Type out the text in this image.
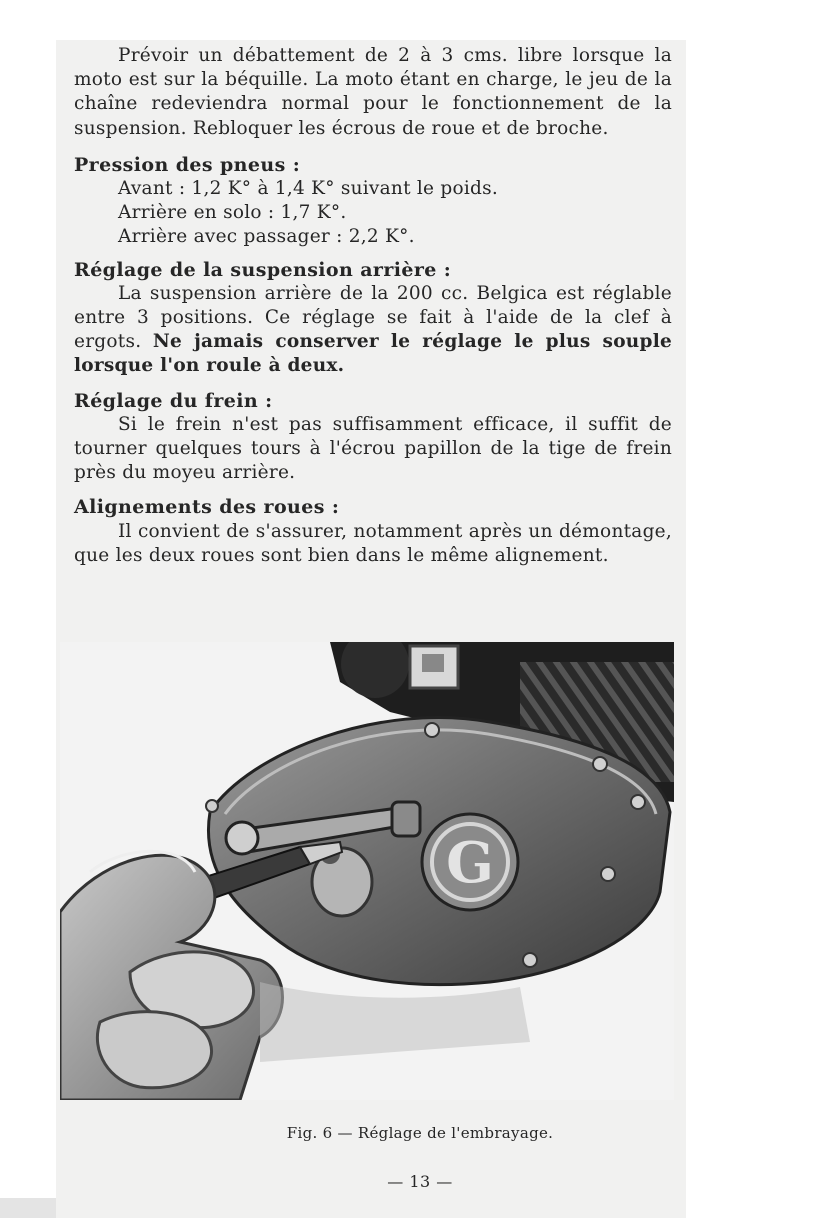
Prévoir un débattement de 2 à 3 cms. libre lorsque la moto est sur la béquille. La moto étant en charge, le jeu de la chaîne redeviendra normal pour le fonctionnement de la suspension. Rebloquer les écrous de roue et de broche.

Pression des pneus :

Avant : 1,2 K° à 1,4 K° suivant le poids.
Arrière en solo : 1,7 K°.
Arrière avec passager : 2,2 K°.

Réglage de la suspension arrière :

La suspension arrière de la 200 cc. Belgica est réglable entre 3 positions. Ce réglage se fait à l'aide de la clef à ergots. Ne jamais conserver le réglage le plus souple lorsque l'on roule à deux.

Réglage du frein :

Si le frein n'est pas suffisamment efficace, il suffit de tourner quelques tours à l'écrou papillon de la tige de frein près du moyeu arrière.

Alignements des roues :

Il convient de s'assurer, notamment après un démontage, que les deux roues sont bien dans le même alignement.

G
Fig. 6 — Réglage de l'embrayage.
— 13 —
